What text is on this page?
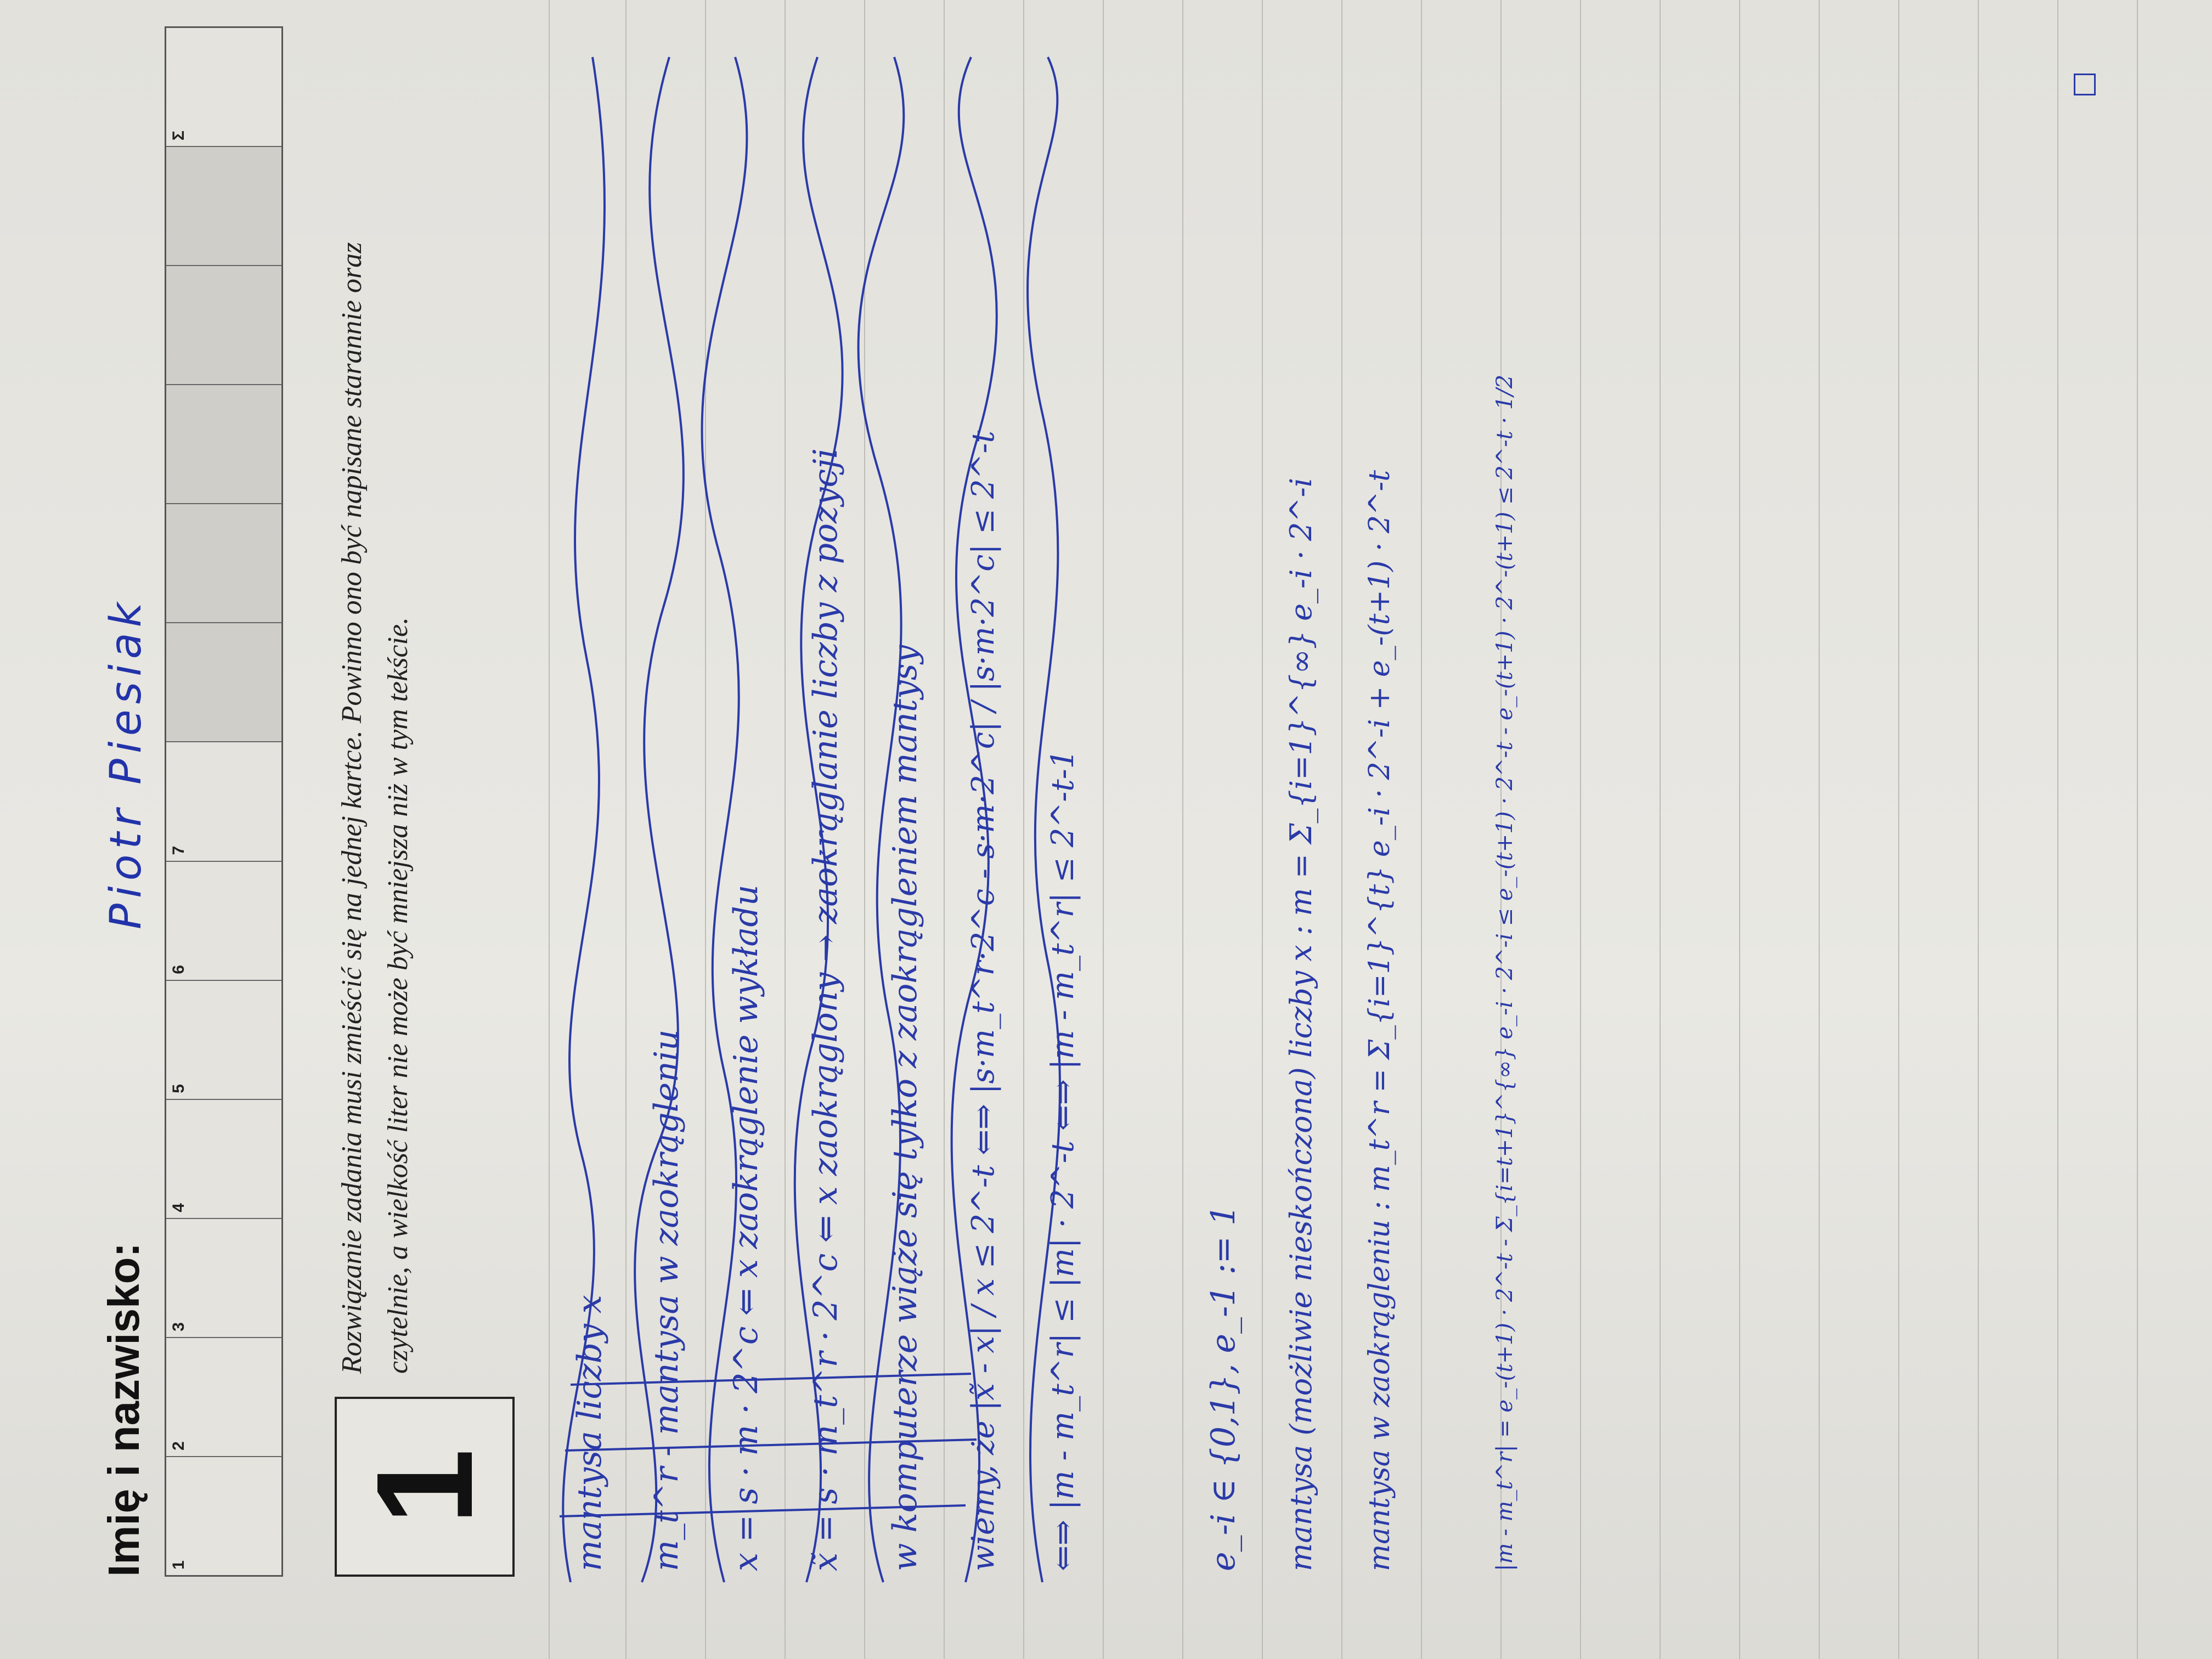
Imię i nazwisko:
Piotr Piesiak
1
2
3
4
5
6
7
Σ
1
Rozwiązanie zadania musi zmieścić się na jednej kartce. Powinno ono być napisane starannie oraz czytelnie, a wielkość liter nie może być mniejsza niż w tym tekście.
mantysa liczby x m_t^r - mantysa w zaokrągleniu x = s · m · 2^c ⇐ x zaokrąglenie wykładu x̃ = s · m_t^r · 2^c ⇐ x zaokrąglony → zaokrąglanie liczby z pozycji w komputerze wiąże się tylko z zaokrągleniem mantysy wiemy, że |x̃ - x| / x ≤ 2^-t ⇐⇒ |s·m_t^r·2^c - s·m·2^c| / |s·m·2^c| ≤ 2^-t ⇐⇒ |m - m_t^r| ≤ |m| · 2^-t ⇐⇒ |m - m_t^r| ≤ 2^-t-1	e_-i ∈ {0,1}, e_-1 := 1 mantysa (możliwie nieskończona) liczby x : m = Σ_{i=1}^{∞} e_-i · 2^-i mantysa w zaokrągleniu : m_t^r = Σ_{i=1}^{t} e_-i · 2^-i + e_-(t+1) · 2^-t	|m - m_t^r| = e_-(t+1) · 2^-t - Σ_{i=t+1}^{∞} e_-i · 2^-i ≤ e_-(t+1) · 2^-t - e_-(t+1) · 2^-(t+1) ≤ 2^-t · 1/2
